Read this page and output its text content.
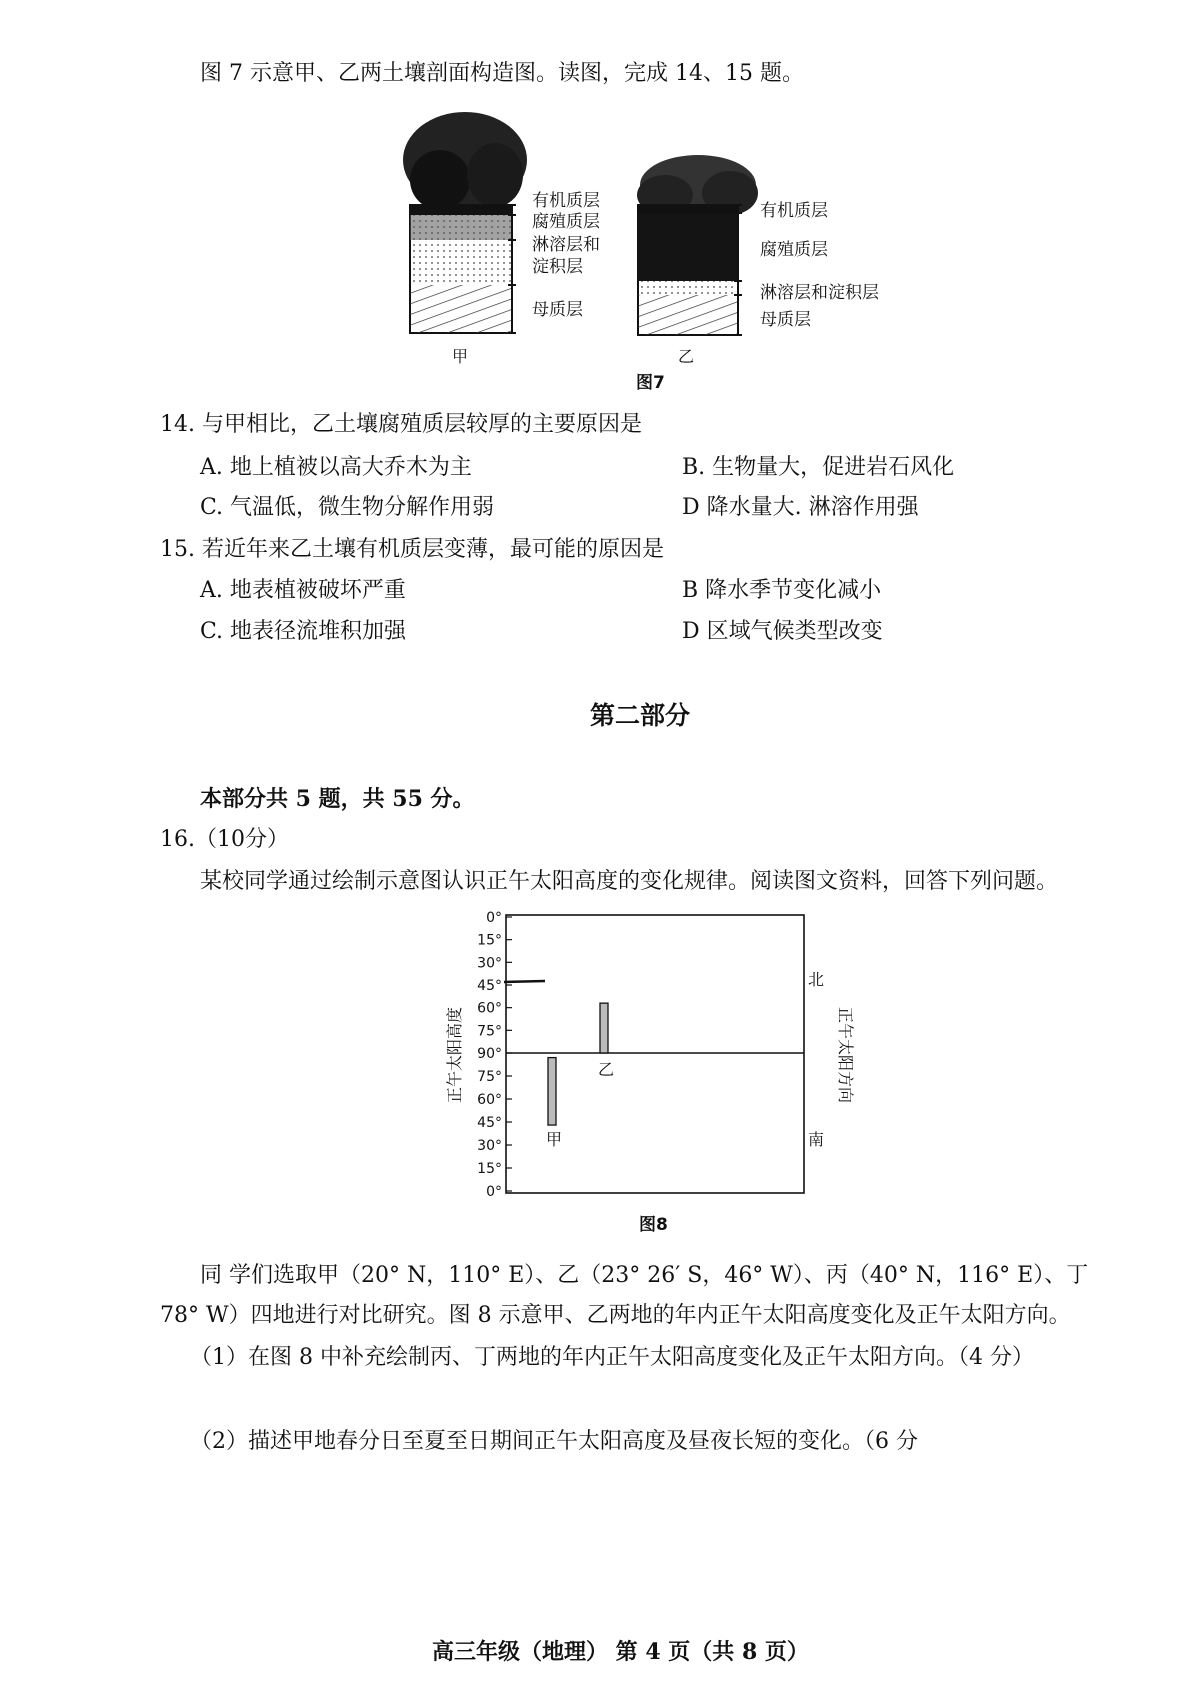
图 7 示意甲、乙两土壤剖面构造图。读图，完成 14、15 题。
有机质层
腐殖质层
淋溶层和
淀积层
母质层
甲
有机质层
腐殖质层
淋溶层和淀积层
母质层
乙
图7
14. 与甲相比，乙土壤腐殖质层较厚的主要原因是
A. 地上植被以高大乔木为主	B. 生物量大，促进岩石风化
C. 气温低，微生物分解作用弱	D 降水量大. 淋溶作用强
15. 若近年来乙土壤有机质层变薄，最可能的原因是
A. 地表植被破坏严重	B 降水季节变化减小
C. 地表径流堆积加强	D 区域气候类型改变
第二部分
本部分共 5 题，共 55 分。
16.（10分）
某校同学通过绘制示意图认识正午太阳高度的变化规律。阅读图文资料，回答下列问题。
0°
15°
30°
45°
60°
75°
90°
75°
60°
45°
30°
15°
0°
甲
乙
正午太阳高度	正午太阳方向
北
南
图8
同 学们选取甲（20° N，110° E）、乙（23° 26′ S，46° W）、丙（40° N，116° E）、丁
78° W）四地进行对比研究。图 8 示意甲、乙两地的年内正午太阳高度变化及正午太阳方向。
（1）在图 8 中补充绘制丙、丁两地的年内正午太阳高度变化及正午太阳方向。（4 分）
（2）描述甲地春分日至夏至日期间正午太阳高度及昼夜长短的变化。（6 分
高三年级（地理） 第 4 页（共 8 页）
